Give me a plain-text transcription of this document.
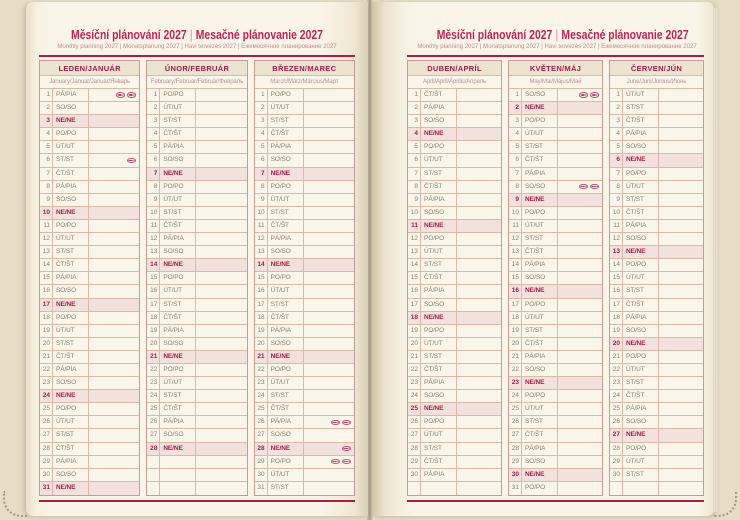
Měsíční plánování 2027 | Mesačné plánovanie 2027
Monthly planning 2027 | Monatsplanung 2027 | Havi tervezés 2027 | Ежемесячное планирование 2027
LEDEN/JANUÁR
January/Januar/Január/Январь
1 PÁ/PIA
2 SO/SO
3 NE/NE
4 PO/PO
5 ÚT/UT
6 ST/ST
7 ČT/ŠT
8 PÁ/PIA
9 SO/SO
10 NE/NE
11 PO/PO
12 ÚT/UT
13 ST/ST
14 ČT/ŠT
15 PÁ/PIA
16 SO/SO
17 NE/NE
18 PO/PO
19 ÚT/UT
20 ST/ST
21 ČT/ŠT
22 PÁ/PIA
23 SO/SO
24 NE/NE
25 PO/PO
26 ÚT/UT
27 ST/ST
28 ČT/ŠT
29 PÁ/PIA
30 SO/SO
31 NE/NE
ÚNOR/FEBRUÁR
February/Februar/Február/Февраль
1 PO/PO
2 ÚT/UT
3 ST/ST
4 ČT/ŠT
5 PÁ/PIA
6 SO/SO
7 NE/NE
8 PO/PO
9 ÚT/UT
10 ST/ST
11 ČT/ŠT
12 PÁ/PIA
13 SO/SO
14 NE/NE
15 PO/PO
16 ÚT/UT
17 ST/ST
18 ČT/ŠT
19 PÁ/PIA
20 SO/SO
21 NE/NE
22 PO/PO
23 ÚT/UT
24 ST/ST
25 ČT/ŠT
26 PÁ/PIA
27 SO/SO
28 NE/NE
BŘEZEN/MAREC
March/März/Március/Март
1 PO/PO
2 ÚT/UT
3 ST/ST
4 ČT/ŠT
5 PÁ/PIA
6 SO/SO
7 NE/NE
8 PO/PO
9 ÚT/UT
10 ST/ST
11 ČT/ŠT
12 PÁ/PIA
13 SO/SO
14 NE/NE
15 PO/PO
16 ÚT/UT
17 ST/ST
18 ČT/ŠT
19 PÁ/PIA
20 SO/SO
21 NE/NE
22 PO/PO
23 ÚT/UT
24 ST/ST
25 ČT/ŠT
26 PÁ/PIA
27 SO/SO
28 NE/NE
29 PO/PO
30 ÚT/UT
31 ST/ST
Měsíční plánování 2027 | Mesačné plánovanie 2027
Monthly planning 2027 | Monatsplanung 2027 | Havi tervezés 2027 | Ежемесячное планирование 2027
DUBEN/APRÍL
April/April/Április/Апрель
1 ČT/ŠT
2 PÁ/PIA
3 SO/SO
4 NE/NE
5 PO/PO
6 ÚT/UT
7 ST/ST
8 ČT/ŠT
9 PÁ/PIA
10 SO/SO
11 NE/NE
12 PO/PO
13 ÚT/UT
14 ST/ST
15 ČT/ŠT
16 PÁ/PIA
17 SO/SO
18 NE/NE
19 PO/PO
20 ÚT/UT
21 ST/ST
22 ČT/ŠT
23 PÁ/PIA
24 SO/SO
25 NE/NE
26 PO/PO
27 ÚT/UT
28 ST/ST
29 ČT/ŠT
30 PÁ/PIA
KVĚTEN/MÁJ
May/Mai/Május/Май
1 SO/SO
2 NE/NE
3 PO/PO
4 ÚT/UT
5 ST/ST
6 ČT/ŠT
7 PÁ/PIA
8 SO/SO
9 NE/NE
10 PO/PO
11 ÚT/UT
12 ST/ST
13 ČT/ŠT
14 PÁ/PIA
15 SO/SO
16 NE/NE
17 PO/PO
18 ÚT/UT
19 ST/ST
20 ČT/ŠT
21 PÁ/PIA
22 SO/SO
23 NE/NE
24 PO/PO
25 ÚT/UT
26 ST/ST
27 ČT/ŠT
28 PÁ/PIA
29 SO/SO
30 NE/NE
31 PO/PO
ČERVEN/JÚN
June/Juni/Június/Июнь
1 ÚT/UT
2 ST/ST
3 ČT/ŠT
4 PÁ/PIA
5 SO/SO
6 NE/NE
7 PO/PO
8 ÚT/UT
9 ST/ST
10 ČT/ŠT
11 PÁ/PIA
12 SO/SO
13 NE/NE
14 PO/PO
15 ÚT/UT
16 ST/ST
17 ČT/ŠT
18 PÁ/PIA
19 SO/SO
20 NE/NE
21 PO/PO
22 ÚT/UT
23 ST/ST
24 ČT/ŠT
25 PÁ/PIA
26 SO/SO
27 NE/NE
28 PO/PO
29 ÚT/UT
30 ST/ST
